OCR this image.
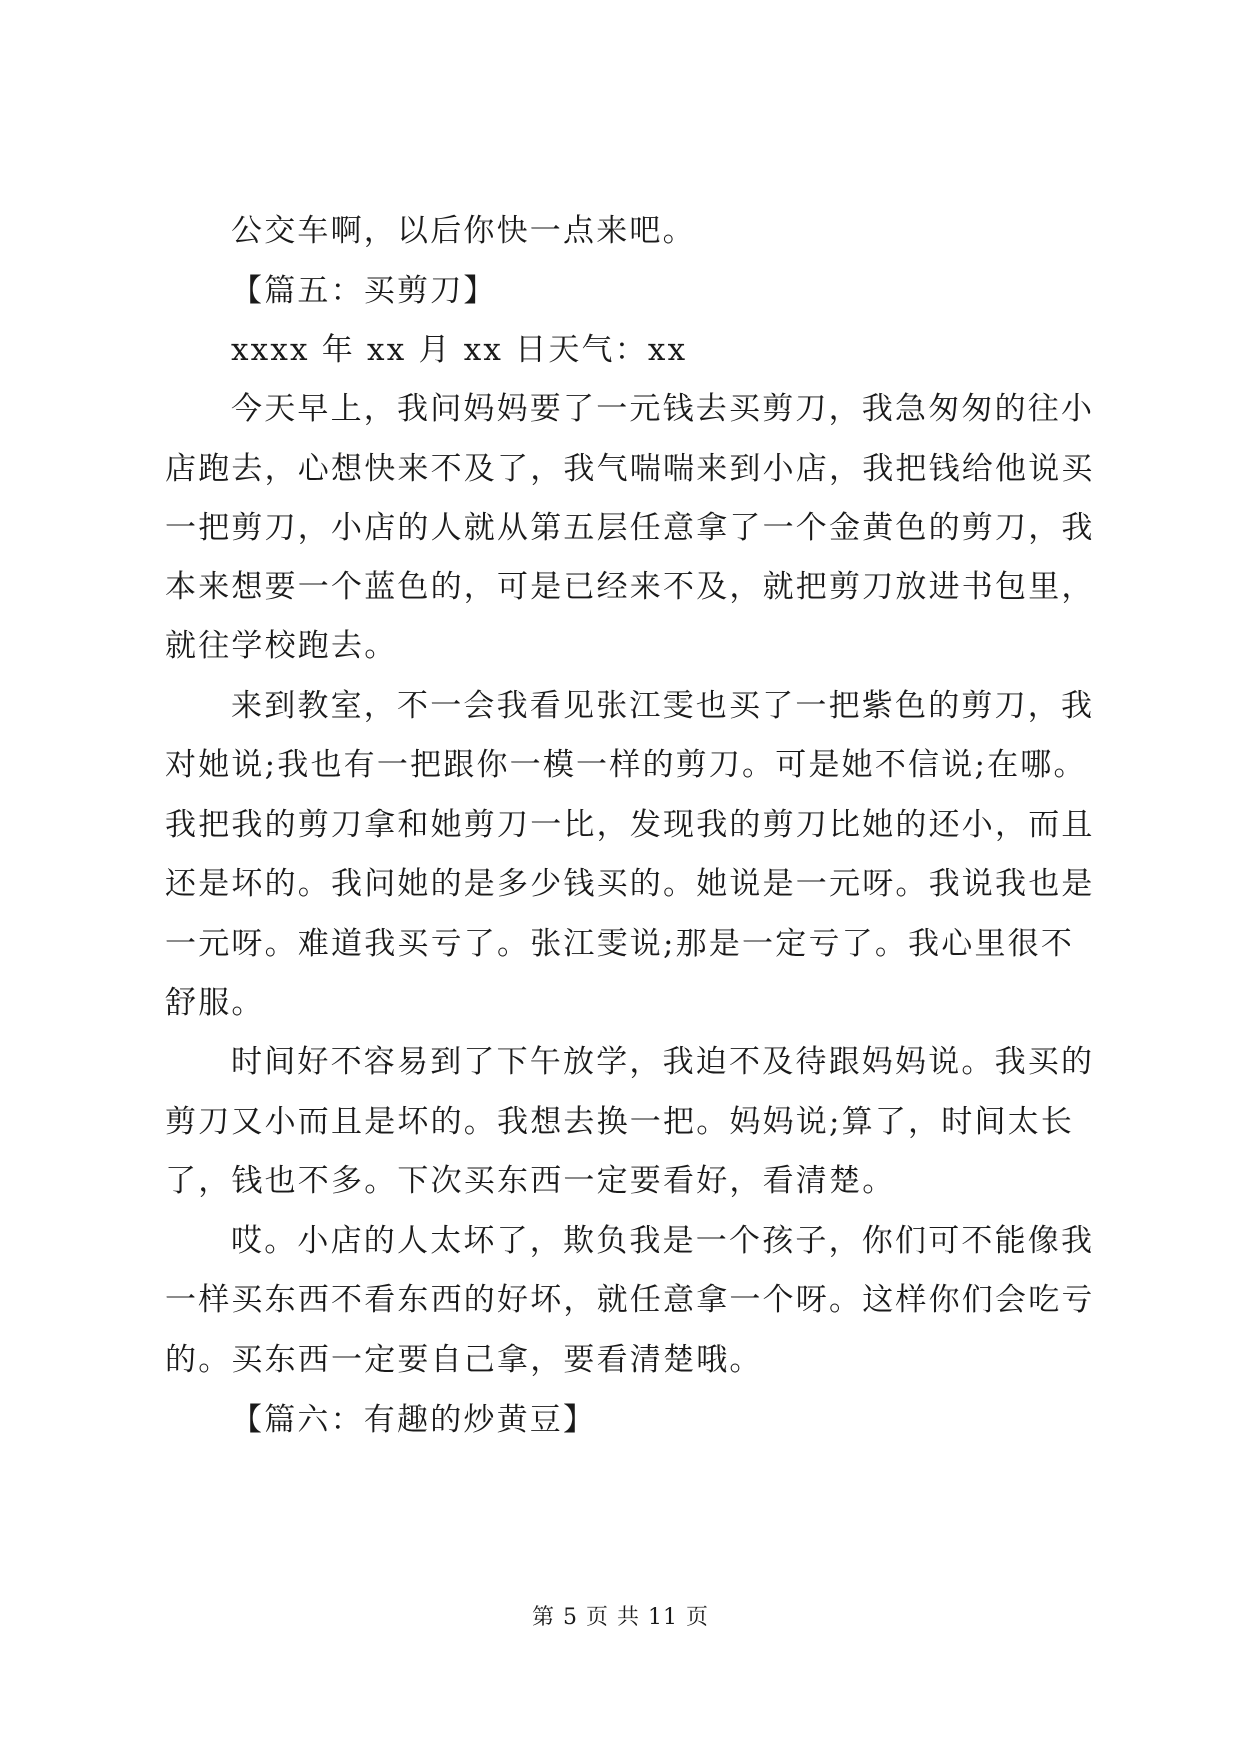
公交车啊，以后你快一点来吧。
【篇五：买剪刀】
xxxx 年 xx 月 xx 日天气：xx
今天早上，我问妈妈要了一元钱去买剪刀，我急匆匆的往小
店跑去，心想快来不及了，我气喘喘来到小店，我把钱给他说买
一把剪刀，小店的人就从第五层任意拿了一个金黄色的剪刀，我
本来想要一个蓝色的，可是已经来不及，就把剪刀放进书包里，
就往学校跑去。
来到教室，不一会我看见张江雯也买了一把紫色的剪刀，我
对她说;我也有一把跟你一模一样的剪刀。可是她不信说;在哪。
我把我的剪刀拿和她剪刀一比，发现我的剪刀比她的还小，而且
还是坏的。我问她的是多少钱买的。她说是一元呀。我说我也是
一元呀。难道我买亏了。张江雯说;那是一定亏了。我心里很不
舒服。
时间好不容易到了下午放学，我迫不及待跟妈妈说。我买的
剪刀又小而且是坏的。我想去换一把。妈妈说;算了，时间太长
了，钱也不多。下次买东西一定要看好，看清楚。
哎。小店的人太坏了，欺负我是一个孩子，你们可不能像我
一样买东西不看东西的好坏，就任意拿一个呀。这样你们会吃亏
的。买东西一定要自己拿，要看清楚哦。
【篇六：有趣的炒黄豆】
第 5 页 共 11 页
